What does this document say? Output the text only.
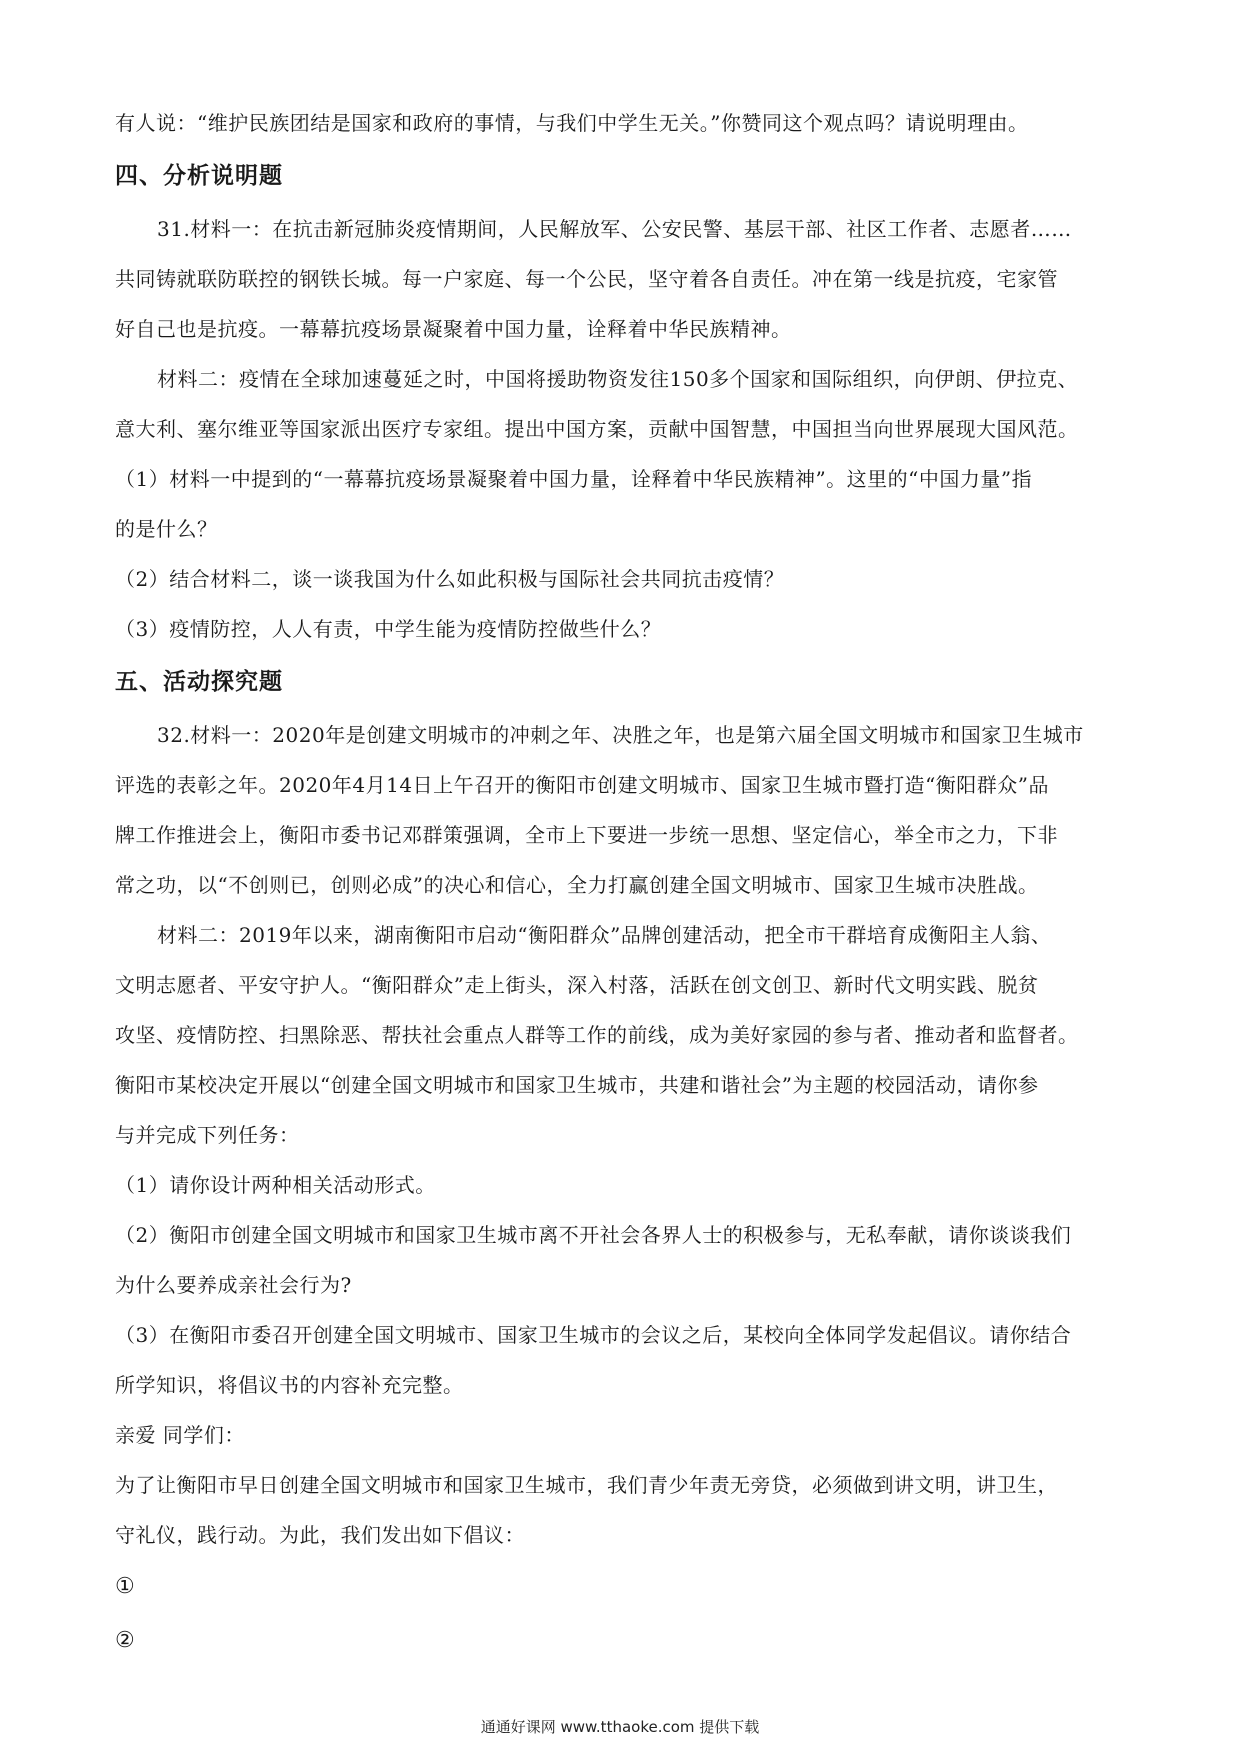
有人说：“维护民族团结是国家和政府的事情，与我们中学生无关。”你赞同这个观点吗？请说明理由。
四、分析说明题
31.材料一：在抗击新冠肺炎疫情期间，人民解放军、公安民警、基层干部、社区工作者、志愿者……
共同铸就联防联控的钢铁长城。每一户家庭、每一个公民，坚守着各自责任。冲在第一线是抗疫，宅家管
好自己也是抗疫。一幕幕抗疫场景凝聚着中国力量，诠释着中华民族精神。
材料二：疫情在全球加速蔓延之时，中国将援助物资发往150多个国家和国际组织，向伊朗、伊拉克、
意大利、塞尔维亚等国家派出医疗专家组。提出中国方案，贡献中国智慧，中国担当向世界展现大国风范。
（1）材料一中提到的“一幕幕抗疫场景凝聚着中国力量，诠释着中华民族精神”。这里的“中国力量”指
的是什么？
（2）结合材料二，谈一谈我国为什么如此积极与国际社会共同抗击疫情？
（3）疫情防控，人人有责，中学生能为疫情防控做些什么？
五、活动探究题
32.材料一：2020年是创建文明城市的冲刺之年、决胜之年，也是第六届全国文明城市和国家卫生城市
评选的表彰之年。2020年4月14日上午召开的衡阳市创建文明城市、国家卫生城市暨打造“衡阳群众”品
牌工作推进会上，衡阳市委书记邓群策强调，全市上下要进一步统一思想、坚定信心，举全市之力，下非
常之功，以“不创则已，创则必成”的决心和信心，全力打赢创建全国文明城市、国家卫生城市决胜战。
材料二：2019年以来，湖南衡阳市启动“衡阳群众”品牌创建活动，把全市干群培育成衡阳主人翁、
文明志愿者、平安守护人。“衡阳群众”走上街头，深入村落，活跃在创文创卫、新时代文明实践、脱贫
攻坚、疫情防控、扫黑除恶、帮扶社会重点人群等工作的前线，成为美好家园的参与者、推动者和监督者。
衡阳市某校决定开展以“创建全国文明城市和国家卫生城市，共建和谐社会”为主题的校园活动，请你参
与并完成下列任务：
（1）请你设计两种相关活动形式。
（2）衡阳市创建全国文明城市和国家卫生城市离不开社会各界人士的积极参与，无私奉献，请你谈谈我们
为什么要养成亲社会行为?
（3）在衡阳市委召开创建全国文明城市、国家卫生城市的会议之后，某校向全体同学发起倡议。请你结合
所学知识，将倡议书的内容补充完整。
亲爱 同学们：
为了让衡阳市早日创建全国文明城市和国家卫生城市，我们青少年责无旁贷，必须做到讲文明，讲卫生，
守礼仪，践行动。为此，我们发出如下倡议：
①
②
通通好课网 www.tthaoke.com 提供下载
